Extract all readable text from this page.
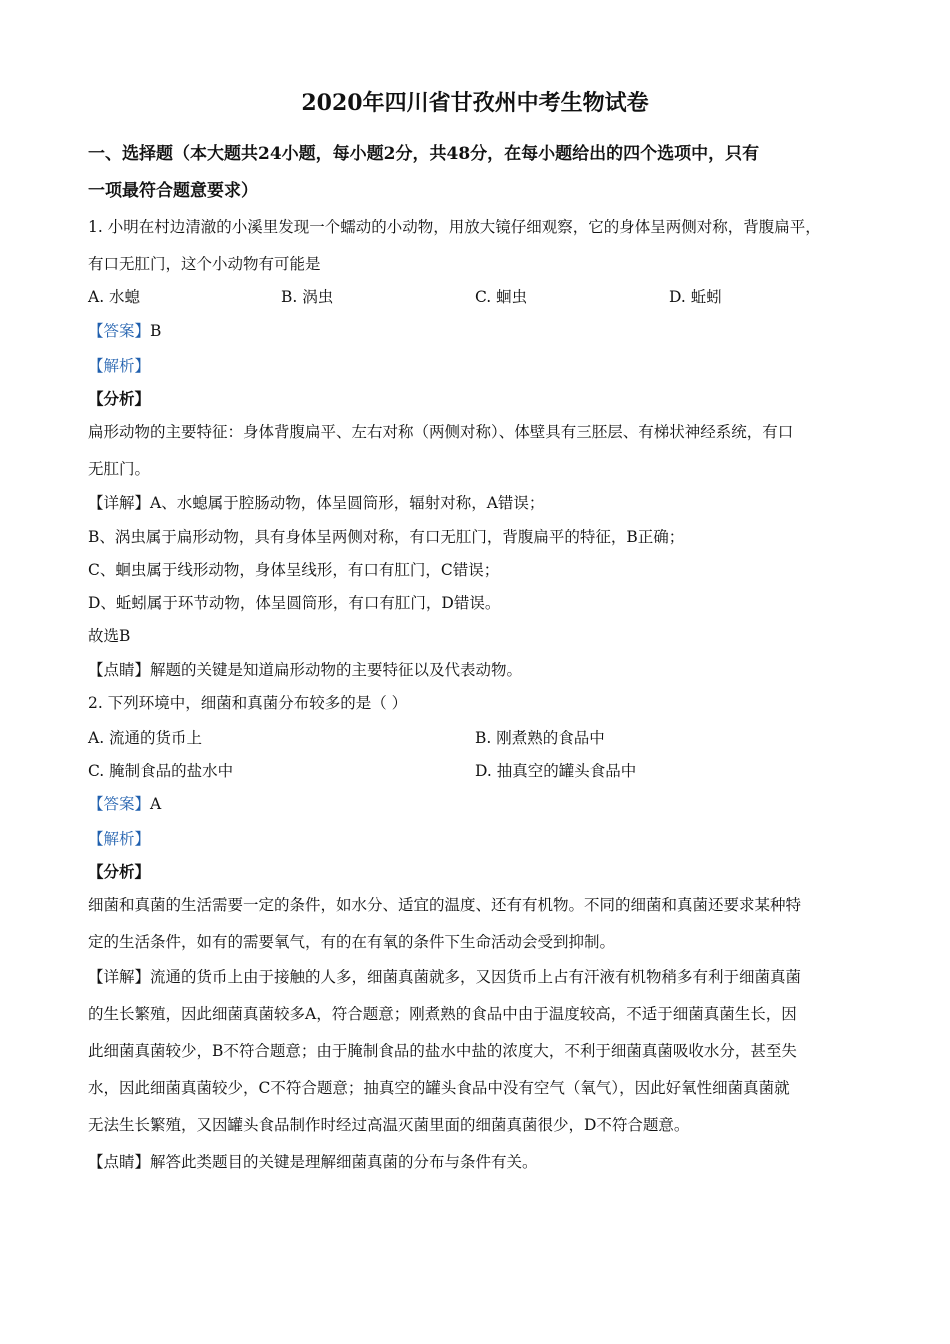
2020年四川省甘孜州中考生物试卷
一、选择题（本大题共24小题，每小题2分，共48分，在每小题给出的四个选项中，只有
一项最符合题意要求）
1. 小明在村边清澈的小溪里发现一个蠕动的小动物，用放大镜仔细观察，它的身体呈两侧对称，背腹扁平，
有口无肛门，这个小动物有可能是
A. 水螅	B. 涡虫	C. 蛔虫	D. 蚯蚓
【答案】B
【解析】
【分析】
扁形动物的主要特征：身体背腹扁平、左右对称（两侧对称）、体壁具有三胚层、有梯状神经系统，有口
无肛门。
【详解】A、水螅属于腔肠动物，体呈圆筒形，辐射对称，A错误；
B、涡虫属于扁形动物，具有身体呈两侧对称，有口无肛门，背腹扁平的特征，B正确；
C、蛔虫属于线形动物，身体呈线形，有口有肛门，C错误；
D、蚯蚓属于环节动物，体呈圆筒形，有口有肛门，D错误。
故选B
【点睛】解题的关键是知道扁形动物的主要特征以及代表动物。
2. 下列环境中，细菌和真菌分布较多的是（ ）
A. 流通的货币上	B. 刚煮熟的食品中
C. 腌制食品的盐水中	D. 抽真空的罐头食品中
【答案】A
【解析】
【分析】
细菌和真菌的生活需要一定的条件，如水分、适宜的温度、还有有机物。不同的细菌和真菌还要求某种特
定的生活条件，如有的需要氧气，有的在有氧的条件下生命活动会受到抑制。
【详解】流通的货币上由于接触的人多，细菌真菌就多，又因货币上占有汗液有机物稍多有利于细菌真菌
的生长繁殖，因此细菌真菌较多A，符合题意；刚煮熟的食品中由于温度较高，不适于细菌真菌生长，因
此细菌真菌较少，B不符合题意；由于腌制食品的盐水中盐的浓度大，不利于细菌真菌吸收水分，甚至失
水，因此细菌真菌较少，C不符合题意；抽真空的罐头食品中没有空气（氧气），因此好氧性细菌真菌就
无法生长繁殖，又因罐头食品制作时经过高温灭菌里面的细菌真菌很少，D不符合题意。
【点睛】解答此类题目的关键是理解细菌真菌的分布与条件有关。
